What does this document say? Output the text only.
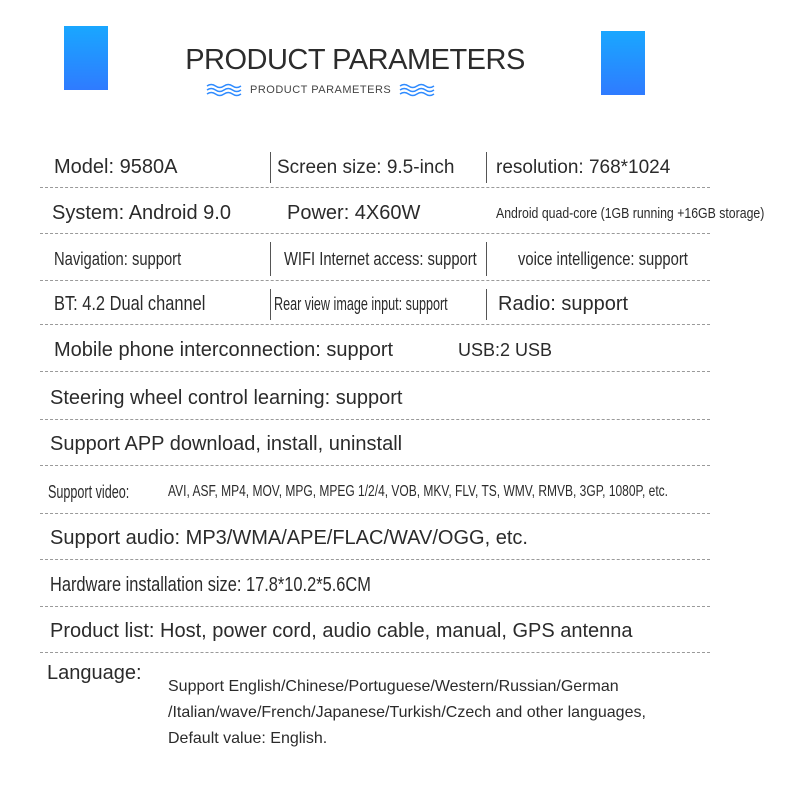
PRODUCT PARAMETERS
PRODUCT PARAMETERS
Model: 9580A	Screen size: 9.5-inch resolution: 768*1024
System: Android 9.0	Power: 4X60W	Android quad-core (1GB running +16GB storage)
Navigation: support	WIFI Internet access: support voice intelligence: support
BT: 4.2 Dual channel	Rear view image input: support	Radio: support
Mobile phone interconnection: support	USB:2 USB
Steering wheel control learning: support
Support APP download, install, uninstall
Support video: AVI, ASF, MP4, MOV, MPG, MPEG 1/2/4, VOB, MKV, FLV, TS, WMV, RMVB, 3GP, 1080P, etc.
Support audio: MP3/WMA/APE/FLAC/WAV/OGG, etc.
Hardware installation size: 17.8*10.2*5.6CM
Product list: Host, power cord, audio cable, manual, GPS antenna
Language:
Support English/Chinese/Portuguese/Western/Russian/German
/Italian/wave/French/Japanese/Turkish/Czech and other languages,
Default value: English.
